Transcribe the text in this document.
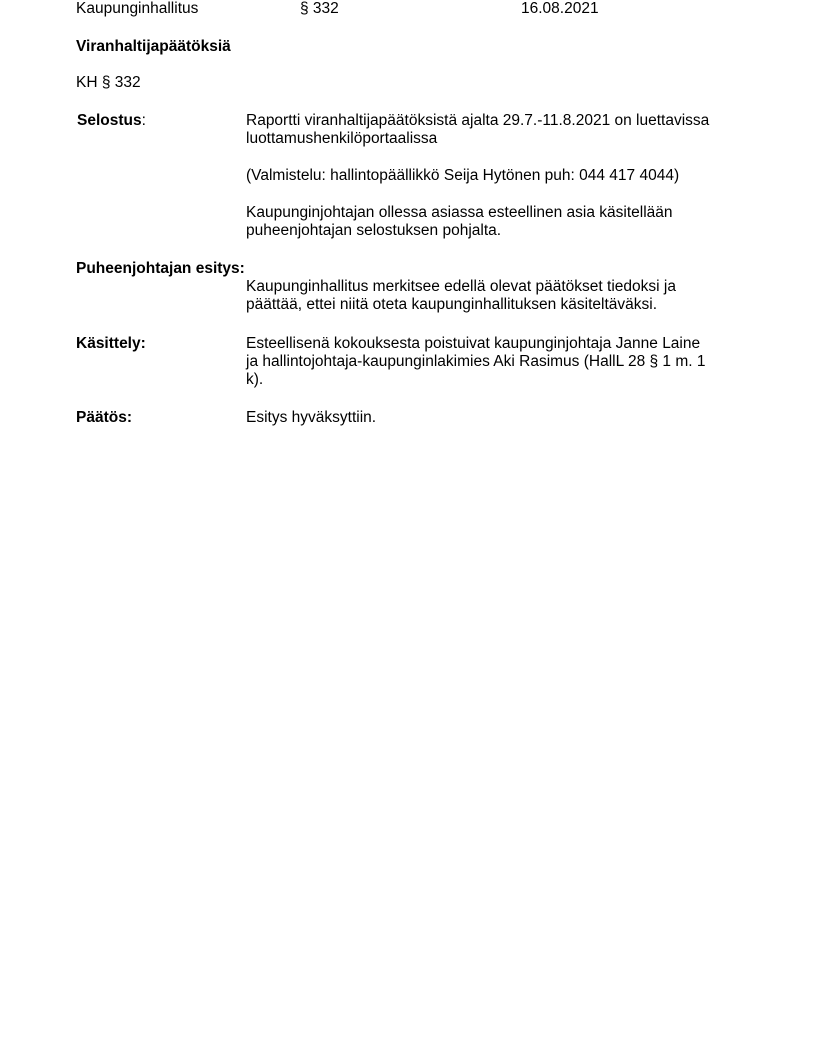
Kaupunginhallitus	§ 332	16.08.2021
Viranhaltijapäätöksiä
KH § 332
Selostus:	Raportti viranhaltijapäätöksistä ajalta 29.7.-11.8.2021 on luettavissa
luottamushenkilöportaalissa
(Valmistelu: hallintopäällikkö Seija Hytönen puh: 044 417 4044)
Kaupunginjohtajan ollessa asiassa esteellinen asia käsitellään
puheenjohtajan selostuksen pohjalta.
Puheenjohtajan esitys:
Kaupunginhallitus merkitsee edellä olevat päätökset tiedoksi ja
päättää, ettei niitä oteta kaupunginhallituksen käsiteltäväksi.
Käsittely:	Esteellisenä kokouksesta poistuivat kaupunginjohtaja Janne Laine
ja hallintojohtaja-kaupunginlakimies Aki Rasimus (HallL 28 § 1 m. 1
k).
Päätös:	Esitys hyväksyttiin.
